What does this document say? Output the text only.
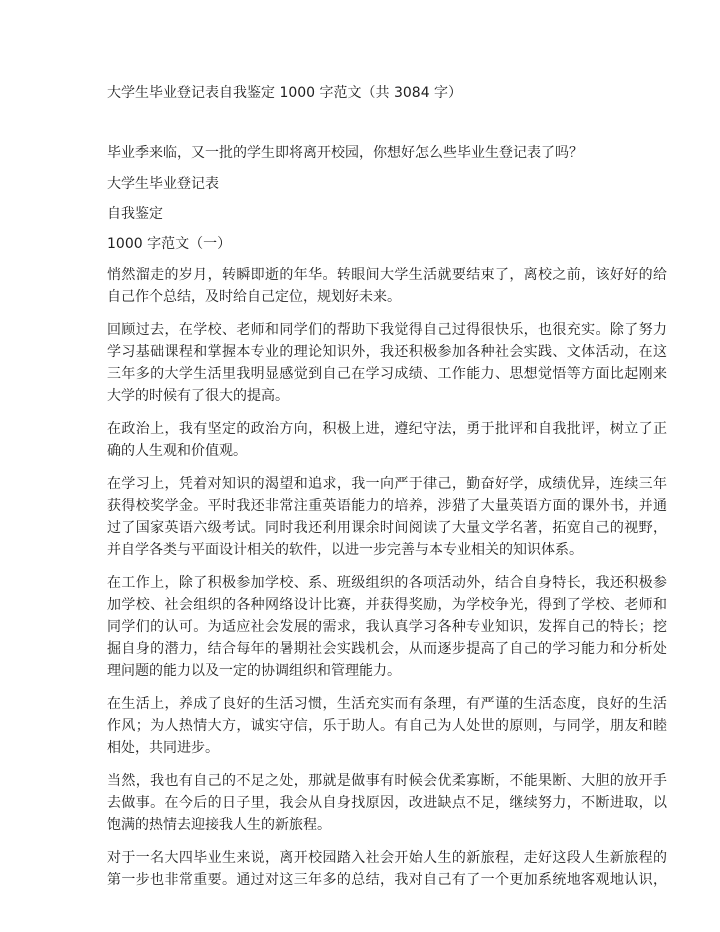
大学生毕业登记表自我鉴定 1000 字范文（共 3084 字）
毕业季来临，又一批的学生即将离开校园，你想好怎么些毕业生登记表了吗？
大学生毕业登记表
自我鉴定
1000 字范文（一）
悄然溜走的岁月，转瞬即逝的年华。转眼间大学生活就要结束了，离校之前，该好好的给
自己作个总结，及时给自己定位，规划好未来。
回顾过去，在学校、老师和同学们的帮助下我觉得自己过得很快乐，也很充实。除了努力
学习基础课程和掌握本专业的理论知识外，我还积极参加各种社会实践、文体活动，在这
三年多的大学生活里我明显感觉到自己在学习成绩、工作能力、思想觉悟等方面比起刚来
大学的时候有了很大的提高。
在政治上，我有坚定的政治方向，积极上进，遵纪守法，勇于批评和自我批评，树立了正
确的人生观和价值观。
在学习上，凭着对知识的渴望和追求，我一向严于律己，勤奋好学，成绩优异，连续三年
获得校奖学金。平时我还非常注重英语能力的培养，涉猎了大量英语方面的课外书，并通
过了国家英语六级考试。同时我还利用课余时间阅读了大量文学名著，拓宽自己的视野，
并自学各类与平面设计相关的软件，以进一步完善与本专业相关的知识体系。
在工作上，除了积极参加学校、系、班级组织的各项活动外，结合自身特长，我还积极参
加学校、社会组织的各种网络设计比赛，并获得奖励，为学校争光，得到了学校、老师和
同学们的认可。为适应社会发展的需求，我认真学习各种专业知识，发挥自己的特长；挖
掘自身的潜力，结合每年的暑期社会实践机会，从而逐步提高了自己的学习能力和分析处
理问题的能力以及一定的协调组织和管理能力。
在生活上，养成了良好的生活习惯，生活充实而有条理，有严谨的生活态度，良好的生活
作风；为人热情大方，诚实守信，乐于助人。有自己为人处世的原则，与同学，朋友和睦
相处，共同进步。
当然，我也有自己的不足之处，那就是做事有时候会优柔寡断，不能果断、大胆的放开手
去做事。在今后的日子里，我会从自身找原因，改进缺点不足，继续努力，不断进取，以
饱满的热情去迎接我人生的新旅程。
对于一名大四毕业生来说，离开校园踏入社会开始人生的新旅程，走好这段人生新旅程的
第一步也非常重要。通过对这三年多的总结，我对自己有了一个更加系统地客观地认识，
